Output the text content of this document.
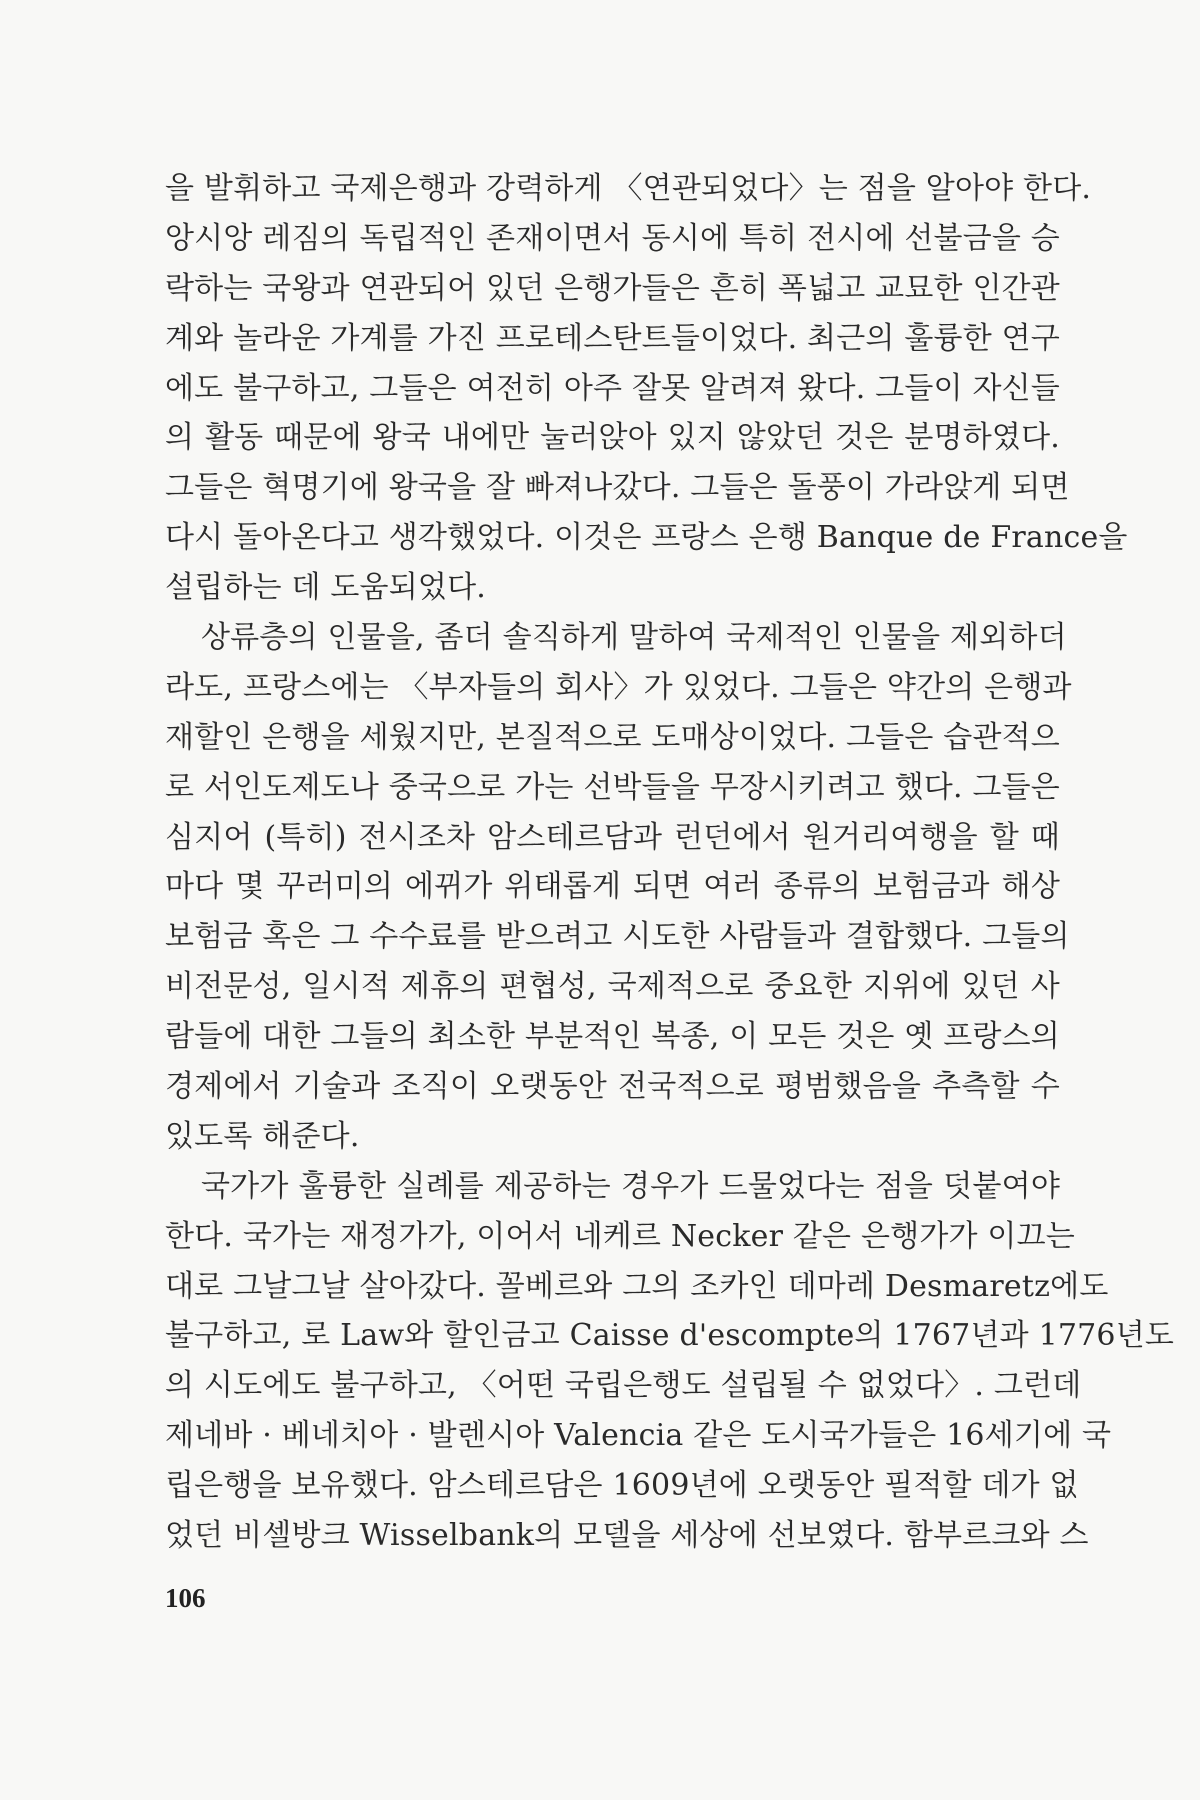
을 발휘하고 국제은행과 강력하게 〈연관되었다〉는 점을 알아야 한다.
앙시앙 레짐의 독립적인 존재이면서 동시에 특히 전시에 선불금을 승
락하는 국왕과 연관되어 있던 은행가들은 흔히 폭넓고 교묘한 인간관
계와 놀라운 가계를 가진 프로테스탄트들이었다. 최근의 훌륭한 연구
에도 불구하고, 그들은 여전히 아주 잘못 알려져 왔다. 그들이 자신들
의 활동 때문에 왕국 내에만 눌러앉아 있지 않았던 것은 분명하였다.
그들은 혁명기에 왕국을 잘 빠져나갔다. 그들은 돌풍이 가라앉게 되면
다시 돌아온다고 생각했었다. 이것은 프랑스 은행 Banque de France을
설립하는 데 도움되었다.
상류층의 인물을, 좀더 솔직하게 말하여 국제적인 인물을 제외하더
라도, 프랑스에는 〈부자들의 회사〉가 있었다. 그들은 약간의 은행과
재할인 은행을 세웠지만, 본질적으로 도매상이었다. 그들은 습관적으
로 서인도제도나 중국으로 가는 선박들을 무장시키려고 했다. 그들은
심지어 (특히) 전시조차 암스테르담과 런던에서 원거리여행을 할 때
마다 몇 꾸러미의 에뀌가 위태롭게 되면 여러 종류의 보험금과 해상
보험금 혹은 그 수수료를 받으려고 시도한 사람들과 결합했다. 그들의
비전문성, 일시적 제휴의 편협성, 국제적으로 중요한 지위에 있던 사
람들에 대한 그들의 최소한 부분적인 복종, 이 모든 것은 옛 프랑스의
경제에서 기술과 조직이 오랫동안 전국적으로 평범했음을 추측할 수
있도록 해준다.
국가가 훌륭한 실례를 제공하는 경우가 드물었다는 점을 덧붙여야
한다. 국가는 재정가가, 이어서 네케르 Necker 같은 은행가가 이끄는
대로 그날그날 살아갔다. 꼴베르와 그의 조카인 데마레 Desmaretz에도
불구하고, 로 Law와 할인금고 Caisse d'escompte의 1767년과 1776년도
의 시도에도 불구하고, 〈어떤 국립은행도 설립될 수 없었다〉. 그런데
제네바 · 베네치아 · 발렌시아 Valencia 같은 도시국가들은 16세기에 국
립은행을 보유했다. 암스테르담은 1609년에 오랫동안 필적할 데가 없
었던 비셀방크 Wisselbank의 모델을 세상에 선보였다. 함부르크와 스
106
